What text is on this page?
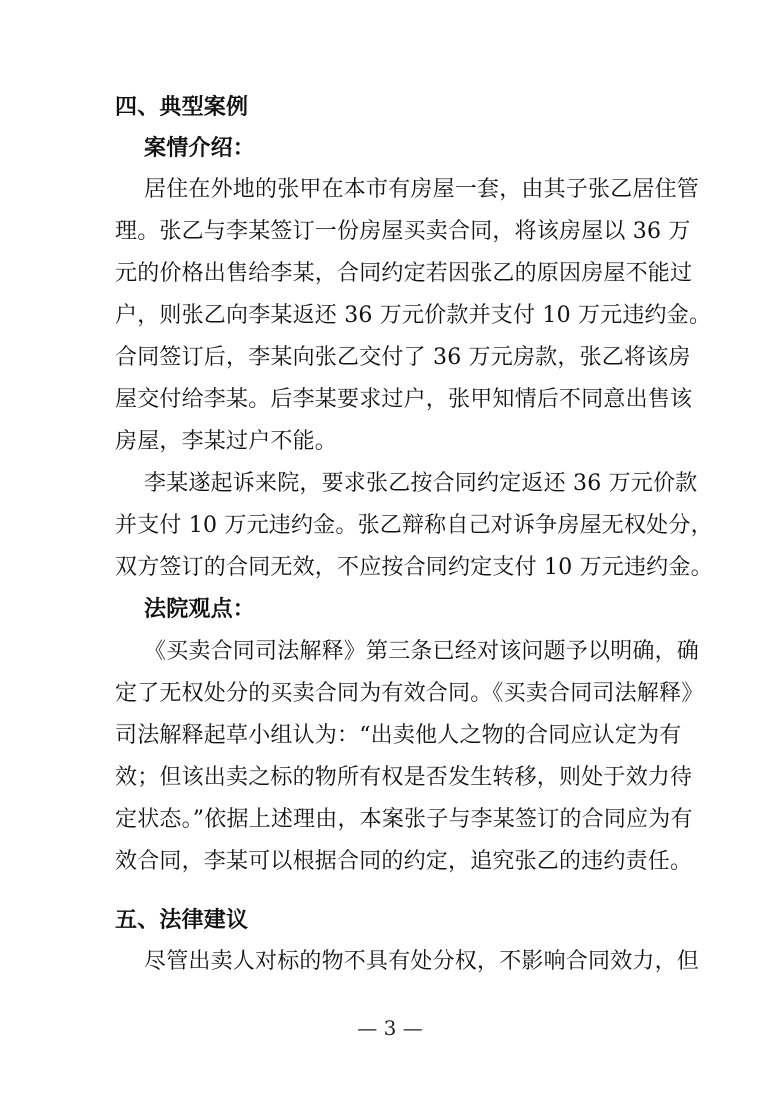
四、典型案例

案情介绍：

居住在外地的张甲在本市有房屋一套，由其子张乙居住管
理。张乙与李某签订一份房屋买卖合同，将该房屋以 36 万
元的价格出售给李某，合同约定若因张乙的原因房屋不能过
户，则张乙向李某返还 36 万元价款并支付 10 万元违约金。
合同签订后，李某向张乙交付了 36 万元房款，张乙将该房
屋交付给李某。后李某要求过户，张甲知情后不同意出售该
房屋，李某过户不能。
李某遂起诉来院，要求张乙按合同约定返还 36 万元价款
并支付 10 万元违约金。张乙辩称自己对诉争房屋无权处分，
双方签订的合同无效，不应按合同约定支付 10 万元违约金。

法院观点：

《买卖合同司法解释》第三条已经对该问题予以明确，确
定了无权处分的买卖合同为有效合同。《买卖合同司法解释》
司法解释起草小组认为：“出卖他人之物的合同应认定为有
效；但该出卖之标的物所有权是否发生转移，则处于效力待
定状态。”依据上述理由，本案张子与李某签订的合同应为有
效合同，李某可以根据合同的约定，追究张乙的违约责任。

五、法律建议

尽管出卖人对标的物不具有处分权，不影响合同效力，但
— 3 —
